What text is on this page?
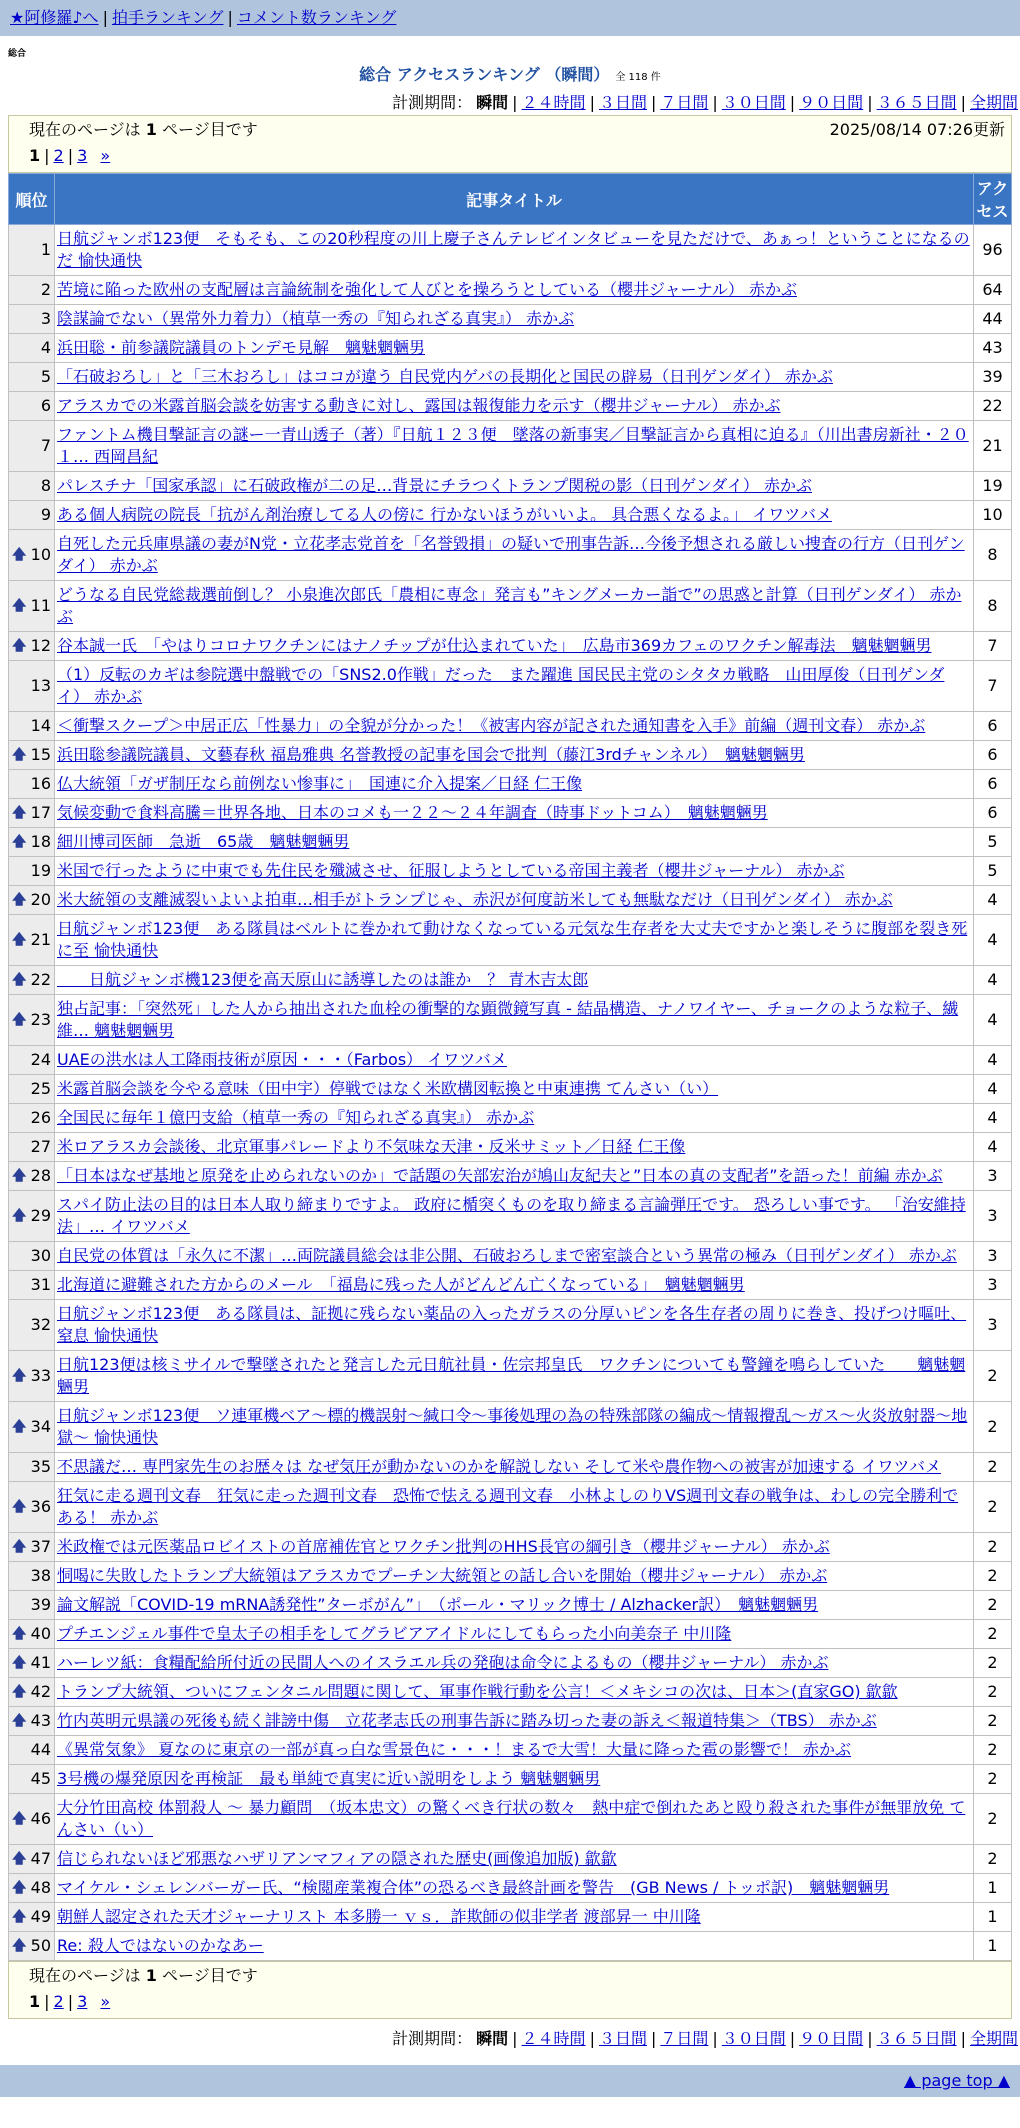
★阿修羅♪へ | 拍手ランキング | コメント数ランキング
総合
総合 アクセスランキング （瞬間） 全 118 件
計測期間： 瞬間 | ２４時間 | ３日間 | ７日間 | ３０日間 | ９０日間 | ３６５日間 | 全期間
現在のページは 1 ページ目です	2025/08/14 07:26更新
1 | 2 | 3 »
順位	記事タイトル	アクセス
1	日航ジャンボ123便　そもそも、この20秒程度の川上慶子さんテレビインタビューを見ただけで、あぁっ！ということになるのだ 愉快通快	96
2	苦境に陥った欧州の支配層は言論統制を強化して人びとを操ろうとしている（櫻井ジャーナル） 赤かぶ	64
3	陰謀論でない（異常外力着力）（植草一秀の『知られざる真実』） 赤かぶ	44
4	浜田聡・前参議院議員のトンデモ見解　魑魅魍魎男	43
5	「石破おろし」と「三木おろし」はココが違う 自民党内ゲバの長期化と国民の辟易（日刊ゲンダイ） 赤かぶ	39
6	アラスカでの米露首脳会談を妨害する動きに対し、露国は報復能力を示す（櫻井ジャーナル） 赤かぶ	22
7	ファントム機目撃証言の謎ー一青山透子（著）『日航１２３便　墜落の新事実／目撃証言から真相に迫る』（川出書房新社・２０１… 西岡昌紀	21
8	パレスチナ「国家承認」に石破政権が二の足…背景にチラつくトランプ関税の影（日刊ゲンダイ） 赤かぶ	19
9	ある個人病院の院長「抗がん剤治療してる人の傍に 行かないほうがいいよ。 具合悪くなるよ。」 イワツバメ	10

🡅 10	自死した元兵庫県議の妻がN党・立花孝志党首を「名誉毀損」の疑いで刑事告訴…今後予想される厳しい捜査の行方（日刊ゲンダイ） 赤かぶ	8

🡅 11	どうなる自民党総裁選前倒し？ 小泉進次郎氏「農相に専念」発言も”キングメーカー詣で”の思惑と計算（日刊ゲンダイ） 赤かぶ	8

🡅 12	谷本誠一氏　「やはりコロナワクチンにはナノチップが仕込まれていた」　広島市369カフェのワクチン解毒法　魑魅魍魎男	7
13	（1）反転のカギは参院選中盤戦での「SNS2.0作戦」だった　また躍進 国民民主党のシタタカ戦略　山田厚俊（日刊ゲンダイ） 赤かぶ	7
14	＜衝撃スクープ＞中居正広「性暴力」の全貌が分かった！《被害内容が記された通知書を入手》前編（週刊文春） 赤かぶ	6

🡅 15	浜田聡参議院議員、文藝春秋 福島雅典 名誉教授の記事を国会で批判（藤江3rdチャンネル）　魑魅魍魎男	6
16	仏大統領「ガザ制圧なら前例ない惨事に」　国連に介入提案／日経 仁王像	6

🡅 17	気候変動で食料高騰＝世界各地、日本のコメも一２２～２４年調査（時事ドットコム）　魑魅魍魎男	6

🡅 18	細川博司医師　急逝　65歳　魑魅魍魎男	5
19	米国で行ったように中東でも先住民を殲滅させ、征服しようとしている帝国主義者（櫻井ジャーナル） 赤かぶ	5

🡅 20	米大統領の支離滅裂いよいよ拍車…相手がトランプじゃ、赤沢が何度訪米しても無駄なだけ（日刊ゲンダイ） 赤かぶ	4

🡅 21	日航ジャンボ123便　ある隊員はベルトに巻かれて動けなくなっている元気な生存者を大丈夫ですかと楽しそうに腹部を裂き死に至 愉快通快	4

🡅 22	　　日航ジャンボ機123便を高天原山に誘導したのは誰か　？ 青木吉太郎	4

🡅 23	独占記事：「突然死」した人から抽出された血栓の衝撃的な顕微鏡写真 - 結晶構造、ナノワイヤー、チョークのような粒子、繊維… 魑魅魍魎男	4
24	UAEの洪水は人工降雨技術が原因・・・（Farbos） イワツバメ	4
25	米露首脳会談を今やる意味（田中宇）停戦ではなく米欧構図転換と中東連携 てんさい（い）	4
26	全国民に毎年１億円支給（植草一秀の『知られざる真実』） 赤かぶ	4
27	米ロアラスカ会談後、北京軍事パレードより不気味な天津・反米サミット／日経 仁王像	4

🡅 28	「日本はなぜ基地と原発を止められないのか」で話題の矢部宏治が鳩山友紀夫と”日本の真の支配者”を語った！前編 赤かぶ	3

🡅 29	スパイ防止法の目的は日本人取り締まりですよ。 政府に楯突くものを取り締まる言論弾圧です。 恐ろしい事です。 「治安維持法」… イワツバメ	3
30	自民党の体質は「永久に不潔」…両院議員総会は非公開、石破おろしまで密室談合という異常の極み（日刊ゲンダイ） 赤かぶ	3
31	北海道に避難された方からのメール　「福島に残った人がどんどん亡くなっている」　魑魅魍魎男	3
32	日航ジャンボ123便　ある隊員は、証拠に残らない薬品の入ったガラスの分厚いピンを各生存者の周りに巻き、投げつけ嘔吐、窒息 愉快通快	3

🡅 33	日航123便は核ミサイルで撃墜されたと発言した元日航社員・佐宗邦皇氏　ワクチンについても警鐘を鳴らしていた　　魑魅魍魎男	2

🡅 34	日航ジャンボ123便　ソ連軍機ベア～標的機誤射～緘口令～事後処理の為の特殊部隊の編成～情報攪乱～ガス～火炎放射器～地獄～ 愉快通快	2
35	不思議だ… 専門家先生のお歴々は なぜ気圧が動かないのかを解説しない そして米や農作物への被害が加速する イワツバメ	2

🡅 36	狂気に走る週刊文春　狂気に走った週刊文春　恐怖で怯える週刊文春　小林よしのりVS週刊文春の戦争は、わしの完全勝利である！ 赤かぶ	2

🡅 37	米政権では元医薬品ロビイストの首席補佐官とワクチン批判のHHS長官の綱引き（櫻井ジャーナル） 赤かぶ	2
38	恫喝に失敗したトランプ大統領はアラスカでプーチン大統領との話し合いを開始（櫻井ジャーナル） 赤かぶ	2
39	論文解説「COVID-19 mRNA誘発性”ターボがん”」　（ポール・マリック博士 / Alzhacker訳）　魑魅魍魎男	2

🡅 40	プチエンジェル事件で皇太子の相手をしてグラビアアイドルにしてもらった小向美奈子 中川隆	2

🡅 41	ハーレツ紙：食糧配給所付近の民間人へのイスラエル兵の発砲は命令によるもの（櫻井ジャーナル） 赤かぶ	2

🡅 42	トランプ大統領、ついにフェンタニル問題に関して、軍事作戦行動を公言！＜メキシコの次は、日本＞(直家GO) 歙歙	2

🡅 43	竹内英明元県議の死後も続く誹謗中傷　立花孝志氏の刑事告訴に踏み切った妻の訴え＜報道特集＞（TBS） 赤かぶ	2
44	《異常気象》 夏なのに東京の一部が真っ白な雪景色に・・・！まるで大雪！大量に降った雹の影響で！ 赤かぶ	2
45	3号機の爆発原因を再検証　最も単純で真実に近い説明をしよう 魑魅魍魎男	2

🡅 46	大分竹田高校 体罰殺人 ～ 暴力顧問　（坂本忠文）の驚くべき行状の数々　熱中症で倒れたあと殴り殺された事件が無罪放免 てんさい（い）	2

🡅 47	信じられないほど邪悪なハザリアンマフィアの隠された歴史(画像追加版) 歙歙	2

🡅 48	マイケル・シェレンバーガー氏、“検閲産業複合体”の恐るべき最終計画を警告　(GB News / トッポ訳)　魑魅魍魎男	1

🡅 49	朝鮮人認定された天才ジャーナリスト 本多勝一 ｖｓ．詐欺師の似非学者 渡部昇一 中川隆	1

🡅 50	Re: 殺人ではないのかなあー	1
現在のページは 1 ページ目です
1 | 2 | 3 »
計測期間： 瞬間 | ２４時間 | ３日間 | ７日間 | ３０日間 | ９０日間 | ３６５日間 | 全期間
▲ page top ▲
